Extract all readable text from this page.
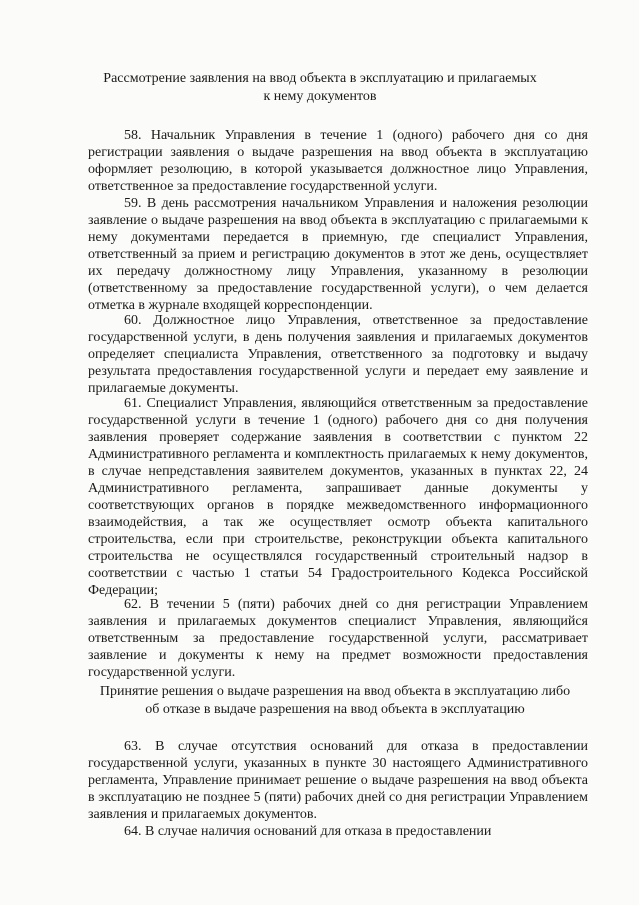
Рассмотрение заявления на ввод объекта в эксплуатацию и прилагаемых
к нему документов
58. Начальник Управления в течение 1 (одного) рабочего дня со дня регистрации заявления о выдаче разрешения на ввод объекта в эксплуатацию оформляет резолюцию, в которой указывается должностное лицо Управления, ответственное за предоставление государственной услуги.
59. В день рассмотрения начальником Управления и наложения резолюции заявление о выдаче разрешения на ввод объекта в эксплуатацию с прилагаемыми к нему документами передается в приемную, где специалист Управления, ответственный за прием и регистрацию документов в этот же день, осуществляет их передачу должностному лицу Управления, указанному в резолюции (ответственному за предоставление государственной услуги), о чем делается отметка в журнале входящей корреспонденции.
60. Должностное лицо Управления, ответственное за предоставление государственной услуги, в день получения заявления и прилагаемых документов определяет специалиста Управления, ответственного за подготовку и выдачу результата предоставления государственной услуги и передает ему заявление и прилагаемые документы.
61. Специалист Управления, являющийся ответственным за предоставление государственной услуги в течение 1 (одного) рабочего дня со дня получения заявления проверяет содержание заявления в соответствии с пунктом 22 Административного регламента и комплектность прилагаемых к нему документов, в случае непредставления заявителем документов, указанных в пунктах 22, 24 Административного регламента, запрашивает данные документы у соответствующих органов в порядке межведомственного информационного взаимодействия, а так же осуществляет осмотр объекта капитального строительства, если при строительстве, реконструкции объекта капитального строительства не осуществлялся государственный строительный надзор в соответствии с частью 1 статьи 54 Градостроительного Кодекса Российской Федерации;
62. В течении 5 (пяти) рабочих дней со дня регистрации Управлением заявления и прилагаемых документов специалист Управления, являющийся ответственным за предоставление государственной услуги, рассматривает заявление и документы к нему на предмет возможности предоставления государственной услуги.
Принятие решения о выдаче разрешения на ввод объекта в эксплуатацию либо
об отказе в выдаче разрешения на ввод объекта в эксплуатацию
63. В случае отсутствия оснований для отказа в предоставлении государственной услуги, указанных в пункте 30 настоящего Административного регламента, Управление принимает решение о выдаче разрешения на ввод объекта в эксплуатацию не позднее 5 (пяти) рабочих дней со дня регистрации Управлением заявления и прилагаемых документов.
64. В случае наличия оснований для отказа в предоставлении
